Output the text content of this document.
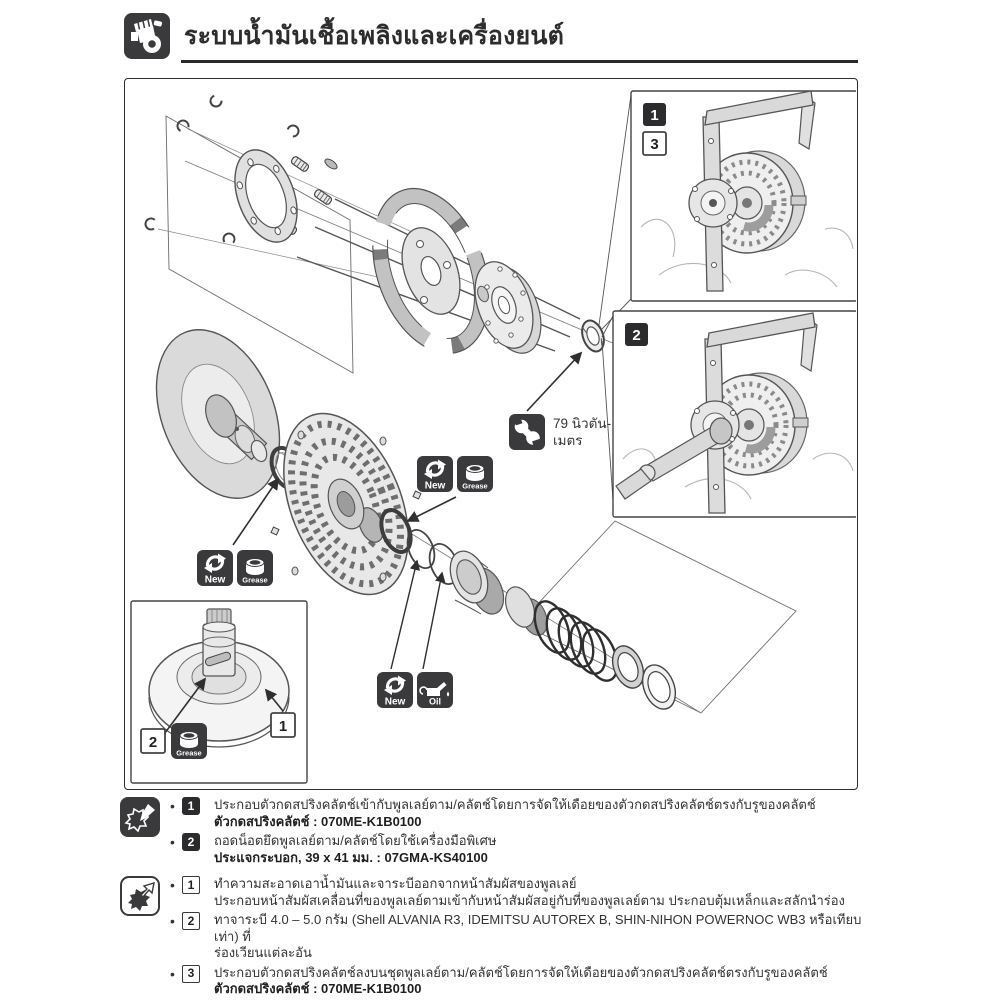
ระบบน้ำมันเชื้อเพลิงและเครื่องยนต์
79 นิวตัน-
เมตร
New Grease
New Grease
New	Oil
1
3
2
2
Grease
1
•
1	ประกอบตัวกดสปริงคลัตช์เข้ากับพูลเลย์ตาม/คลัตช์โดยการจัดให้เดือยของตัวกดสปริงคลัตช์ตรงกับรูของคลัตช์
ตัวกดสปริงคลัตช์ : 070ME-K1B0100
•
2	ถอดน็อตยึดพูลเลย์ตาม/คลัตช์โดยใช้เครื่องมือพิเศษ
ประแจกระบอก, 39 x 41 มม. : 07GMA-KS40100
•
1	ทำความสะอาดเอาน้ำมันและจาระบีออกจากหน้าสัมผัสของพูลเลย์
ประกอบหน้าสัมผัสเคลื่อนที่ของพูลเลย์ตามเข้ากับหน้าสัมผัสอยู่กับที่ของพูลเลย์ตาม ประกอบตุ้มเหล็กและสลักนำร่อง
•
2	ทาจาระบี 4.0 – 5.0 กรัม (Shell ALVANIA R3, IDEMITSU AUTOREX B, SHIN-NIHON POWERNOC WB3 หรือเทียบเท่า) ที่
ร่องเวียนแต่ละอัน
•
3	ประกอบตัวกดสปริงคลัตช์ลงบนชุดพูลเลย์ตาม/คลัตช์โดยการจัดให้เดือยของตัวกดสปริงคลัตช์ตรงกับรูของคลัตช์
ตัวกดสปริงคลัตช์ : 070ME-K1B0100
